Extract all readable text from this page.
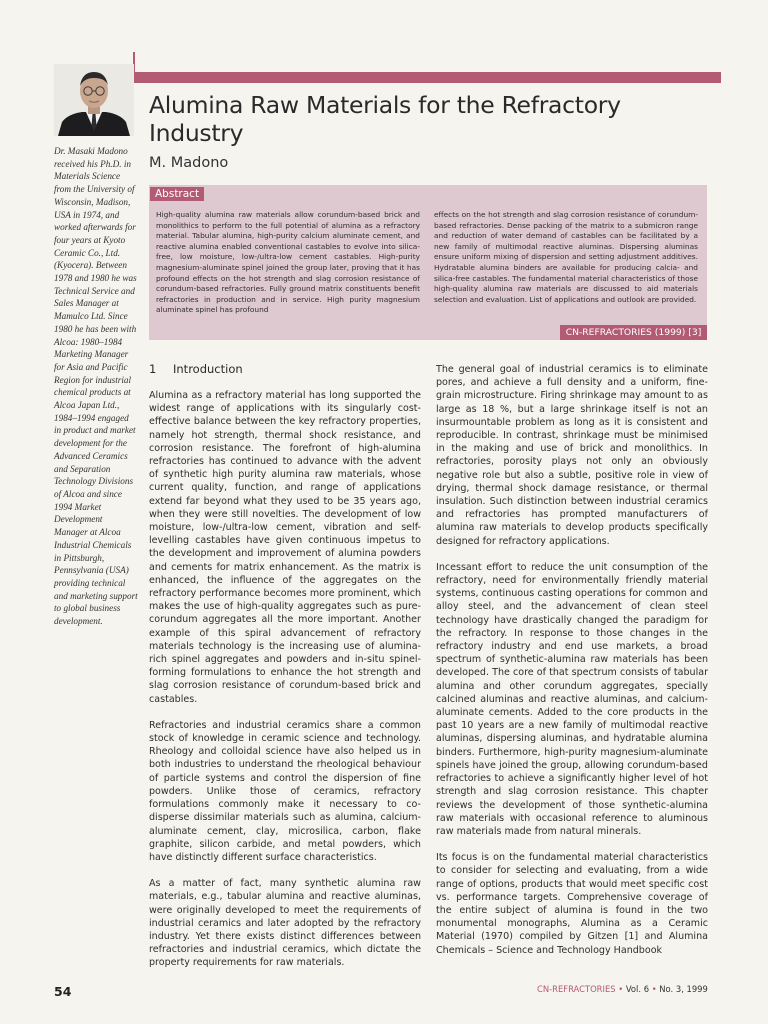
Dr. Masaki Madono received his Ph.D. in Materials Science from the University of Wisconsin, Madison, USA in 1974, and worked afterwards for four years at Kyoto Ceramic Co., Ltd. (Kyocera). Between 1978 and 1980 he was Technical Service and Sales Manager at Mamulco Ltd. Since 1980 he has been with Alcoa: 1980–1984 Marketing Manager for Asia and Pacific Region for industrial chemical products at Alcoa Japan Ltd., 1984–1994 engaged in product and market development for the Advanced Ceramics and Separation Technology Divisions of Alcoa and since 1994 Market Development Manager at Alcoa Industrial Chemicals in Pittsburgh, Pennsylvania (USA) providing technical and marketing support to global business development.

Alumina Raw Materials for the Refractory Industry

M. Madono

Abstract

High-quality alumina raw materials allow corundum-based brick and monolithics to perform to the full potential of alumina as a refractory material. Tabular alumina, high-purity calcium aluminate cement, and reactive alumina enabled conventional castables to evolve into silica-free, low moisture, low-/ultra-low cement castables. High-purity magnesium-aluminate spinel joined the group later, proving that it has profound effects on the hot strength and slag corrosion resistance of corundum-based refractories. Fully ground matrix constituents benefit refractories in production and in service. High purity magnesium aluminate spinel has profound

effects on the hot strength and slag corrosion resistance of corundum-based refractories. Dense packing of the matrix to a submicron range and reduction of water demand of castables can be facilitated by a new family of multimodal reactive aluminas. Dispersing aluminas ensure uniform mixing of dispersion and setting adjustment additives. Hydratable alumina binders are available for producing calcia- and silica-free castables. The fundamental material characteristics of those high-quality alumina raw materials are discussed to aid materials selection and evaluation. List of applications and outlook are provided.

CN-REFRACTORIES (1999) [3]
1 Introduction

Alumina as a refractory material has long supported the widest range of applications with its singularly cost-effective balance between the key refractory properties, namely hot strength, thermal shock resistance, and corrosion resistance. The forefront of high-alumina refractories has continued to advance with the advent of synthetic high purity alumina raw materials, whose current quality, function, and range of applications extend far beyond what they used to be 35 years ago, when they were still novelties. The development of low moisture, low-/ultra-low cement, vibration and self-levelling castables have given continuous impetus to the development and improvement of alumina powders and cements for matrix enhancement. As the matrix is enhanced, the influence of the aggregates on the refractory performance becomes more prominent, which makes the use of high-quality aggregates such as pure-corundum aggregates all the more important. Another example of this spiral advancement of refractory materials technology is the increasing use of alumina-rich spinel aggregates and powders and in-situ spinel-forming formulations to enhance the hot strength and slag corrosion resistance of corundum-based brick and castables.

Refractories and industrial ceramics share a common stock of knowledge in ceramic science and technology. Rheology and colloidal science have also helped us in both industries to understand the rheological behaviour of particle systems and control the dispersion of fine powders. Unlike those of ceramics, refractory formulations commonly make it necessary to co-disperse dissimilar materials such as alumina, calcium-aluminate cement, clay, microsilica, carbon, flake graphite, silicon carbide, and metal powders, which have distinctly different surface characteristics.

As a matter of fact, many synthetic alumina raw materials, e.g., tabular alumina and reactive aluminas, were originally developed to meet the requirements of industrial ceramics and later adopted by the refractory industry. Yet there exists distinct differences between refractories and industrial ceramics, which dictate the property requirements for raw materials.

The general goal of industrial ceramics is to eliminate pores, and achieve a full density and a uniform, fine-grain microstructure. Firing shrinkage may amount to as large as 18 %, but a large shrinkage itself is not an insurmountable problem as long as it is consistent and reproducible. In contrast, shrinkage must be minimised in the making and use of brick and monolithics. In refractories, porosity plays not only an obviously negative role but also a subtle, positive role in view of drying, thermal shock damage resistance, or thermal insulation. Such distinction between industrial ceramics and refractories has prompted manufacturers of alumina raw materials to develop products specifically designed for refractory applications.

Incessant effort to reduce the unit consumption of the refractory, need for environmentally friendly material systems, continuous casting operations for common and alloy steel, and the advancement of clean steel technology have drastically changed the paradigm for the refractory. In response to those changes in the refractory industry and end use markets, a broad spectrum of synthetic-alumina raw materials has been developed. The core of that spectrum consists of tabular alumina and other corundum aggregates, specially calcined aluminas and reactive aluminas, and calcium-aluminate cements. Added to the core products in the past 10 years are a new family of multimodal reactive aluminas, dispersing aluminas, and hydratable alumina binders. Furthermore, high-purity magnesium-aluminate spinels have joined the group, allowing corundum-based refractories to achieve a significantly higher level of hot strength and slag corrosion resistance. This chapter reviews the development of those synthetic-alumina raw materials with occasional reference to aluminous raw materials made from natural minerals.

Its focus is on the fundamental material characteristics to consider for selecting and evaluating, from a wide range of options, products that would meet specific cost vs. performance targets. Comprehensive coverage of the entire subject of alumina is found in the two monumental monographs, Alumina as a Ceramic Material (1970) compiled by Gitzen [1] and Alumina Chemicals – Science and Technology Handbook

54	CN-REFRACTORIES • Vol. 6 • No. 3, 1999
